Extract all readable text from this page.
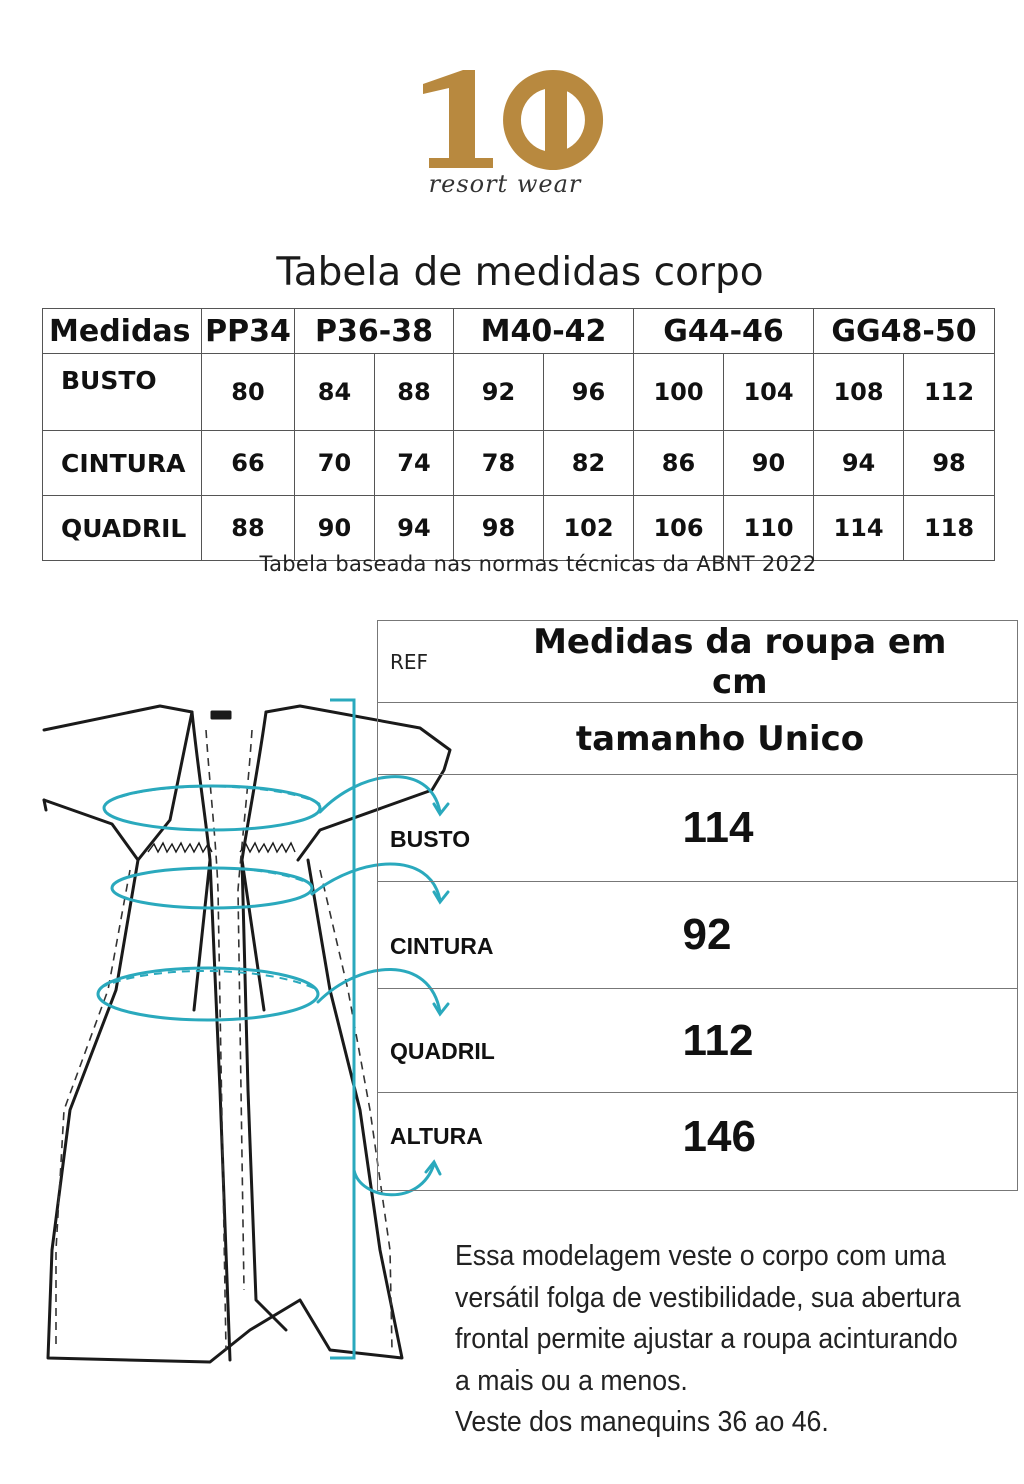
resort wear
Tabela de medidas corpo
Medidas	PP34	P36-38		M40-42		G44-46		GG48-50	
BUSTO	80	84	88	92	96	100	104	108	112
CINTURA	66	70	74	78	82	86	90	94	98
QUADRIL	88	90	94	98	102	106	110	114	118
Tabela baseada nas normas técnicas da ABNT 2022
REF	Medidas da roupa em cm
tamanho Unico	
BUSTO	114
CINTURA	92
QUADRIL	112
ALTURA	146
Essa modelagem veste o corpo com uma
versátil folga de vestibilidade, sua abertura
frontal permite ajustar a roupa acinturando
a mais ou a menos.
Veste dos manequins 36 ao 46.
